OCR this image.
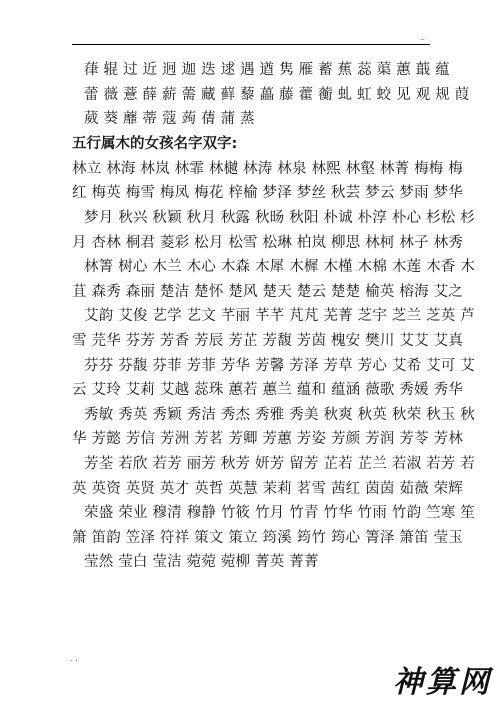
..
葎 辊 过 近 迥 迦 迭 逑 遇 遒 隽 雁 蓄 蕉 蕊 蕖 蕙 蕺 蕴
蕾 薇 薏 薛 薪 薷 藏 藓 藜 藟 藤 藿 蘅 虬 虹 蛟 见 观 规 葭
葳 葵 蘼 蒂 蔻 蒟 蒨 蒲 蒸
五行属木的女孩名字双字:
林立 林海 林岚 林霏 林樾 林涛 林泉 林熙 林壑 林菁 梅梅 梅
红 梅英 梅雪 梅凤 梅花 梓榆 梦泽 梦丝 秋芸 梦云 梦雨 梦华
梦月 秋兴 秋颖 秋月 秋露 秋旸 秋阳 朴诚 朴淳 朴心 杉松 杉
月 杏林 桐君 菱彩 松月 松雪 松琳 柏岚 柳思 林柯 林子 林秀
林箐 树心 木兰 木心 木森 木犀 木樨 木槿 木棉 木莲 木香 木
苴 森秀 森丽 楚洁 楚怀 楚风 楚天 楚云 楚楚 榆英 榕海 艾之
艾韵 艾俊 艺学 艺文 芊丽 芊芊 芃芃 芜菁 芝宇 芝兰 芝英 芦
雪 芫华 芬芳 芳香 芳辰 芳芷 芳馥 芳茵 槐安 樊川 艾艾 艾真
芬芬 芬馥 芬菲 芳菲 芳华 芳馨 芳泽 芳草 芳心 艾希 艾可 艾
云 艾玲 艾莉 艾越 蕊珠 蕙若 蕙兰 蕴和 蕴涵 薇歌 秀媛 秀华
秀敏 秀英 秀颖 秀洁 秀杰 秀雅 秀美 秋爽 秋英 秋荣 秋玉 秋
华 芳懿 芳信 芳洲 芳茗 芳卿 芳蕙 芳姿 芳颜 芳润 芳苓 芳林
芳荃 若欣 若芳 丽芳 秋芳 妍芳 留芳 芷若 芷兰 若淑 若芳 若
英 英资 英贤 英才 英哲 英慧 茉莉 茗雪 茜红 茵茵 茹薇 荣辉
荣盛 荣业 穆清 穆静 竹筱 竹月 竹青 竹华 竹雨 竹韵 竺寒 笙
箫 笛韵 笠泽 符祥 策文 策立 筠溪 筠竹 筠心 箐泽 箫笛 莹玉
莹然 莹白 莹洁 菀菀 菀柳 菁英 菁菁
. .
神算网
